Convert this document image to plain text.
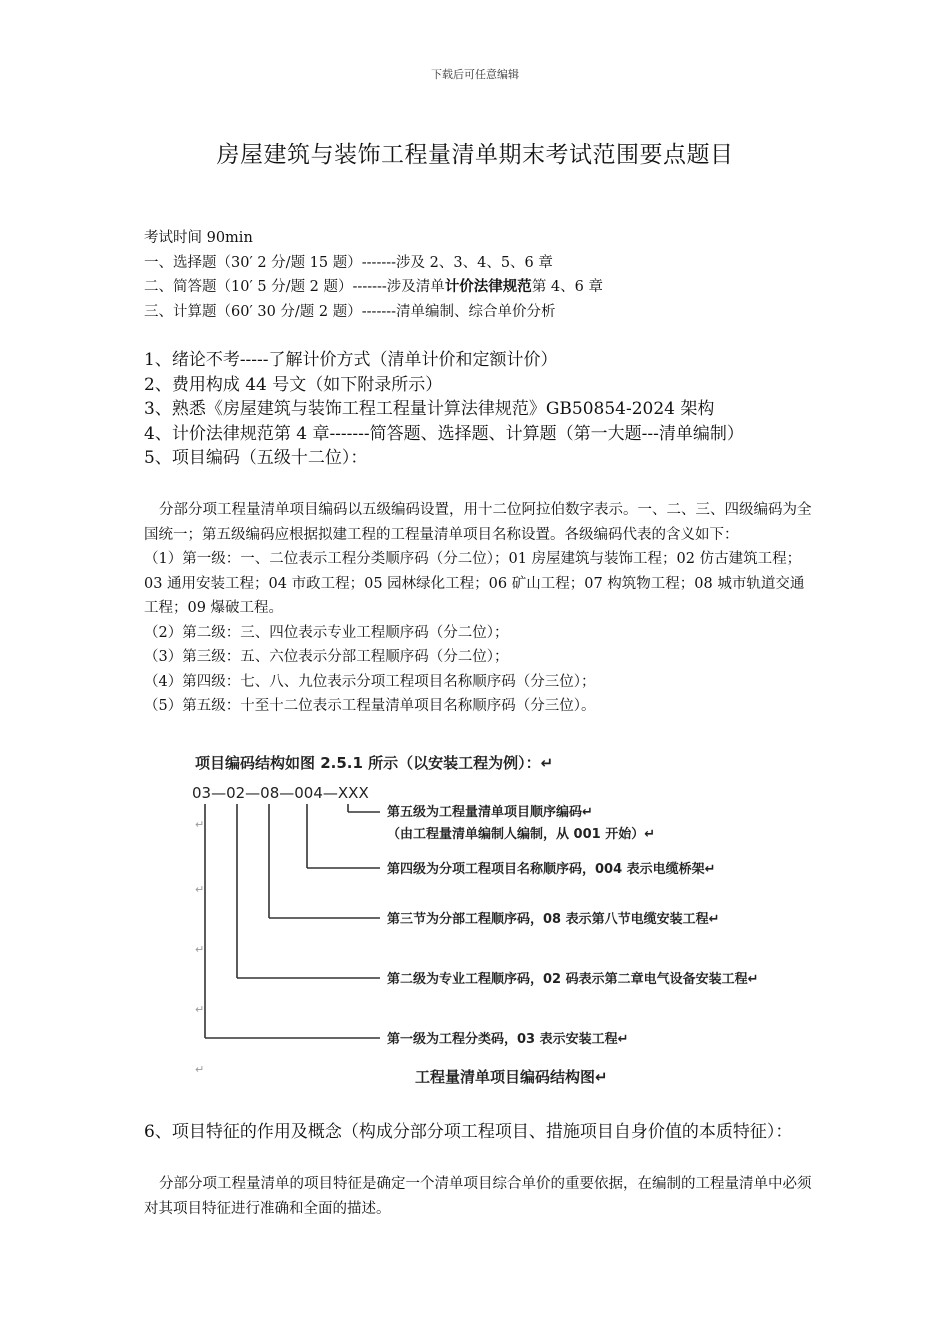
下载后可任意编辑
房屋建筑与装饰工程量清单期末考试范围要点题目
考试时间 90min
一、选择题（30′ 2 分/题 15 题）-------涉及 2、3、4、5、6 章
二、简答题（10′ 5 分/题 2 题）-------涉及清单计价法律规范第 4、6 章
三、计算题（60′ 30 分/题 2 题）-------清单编制、综合单价分析
1、绪论不考-----了解计价方式（清单计价和定额计价）
2、费用构成 44 号文（如下附录所示）
3、熟悉《房屋建筑与装饰工程工程量计算法律规范》GB50854-2024 架构
4、计价法律规范第 4 章-------简答题、选择题、计算题（第一大题---清单编制）
5、项目编码（五级十二位）：
分部分项工程量清单项目编码以五级编码设置，用十二位阿拉伯数字表示。一、二、三、四级编码为全国统一；第五级编码应根据拟建工程的工程量清单项目名称设置。各级编码代表的含义如下：
（1）第一级：一、二位表示工程分类顺序码（分二位）；01 房屋建筑与装饰工程；02 仿古建筑工程；03 通用安装工程；04 市政工程；05 园林绿化工程；06 矿山工程；07 构筑物工程；08 城市轨道交通工程；09 爆破工程。
（2）第二级：三、四位表示专业工程顺序码（分二位）；
（3）第三级：五、六位表示分部工程顺序码（分二位）；
（4）第四级：七、八、九位表示分项工程项目名称顺序码（分三位）；
（5）第五级：十至十二位表示工程量清单项目名称顺序码（分三位）。
项目编码结构如图 2.5.1 所示（以安装工程为例）：↵
03—02—08—004—XXX
第五级为工程量清单项目顺序编码↵
（由工程量清单编制人编制，从 001 开始）↵
第四级为分项工程项目名称顺序码，004 表示电缆桥架↵
第三节为分部工程顺序码，08 表示第八节电缆安装工程↵
第二级为专业工程顺序码，02 码表示第二章电气设备安装工程↵
第一级为工程分类码，03 表示安装工程↵
↵
↵
↵
↵
↵	工程量清单项目编码结构图↵
6、项目特征的作用及概念（构成分部分项工程项目、措施项目自身价值的本质特征）：
分部分项工程量清单的项目特征是确定一个清单项目综合单价的重要依据，在编制的工程量清单中必须对其项目特征进行准确和全面的描述。
